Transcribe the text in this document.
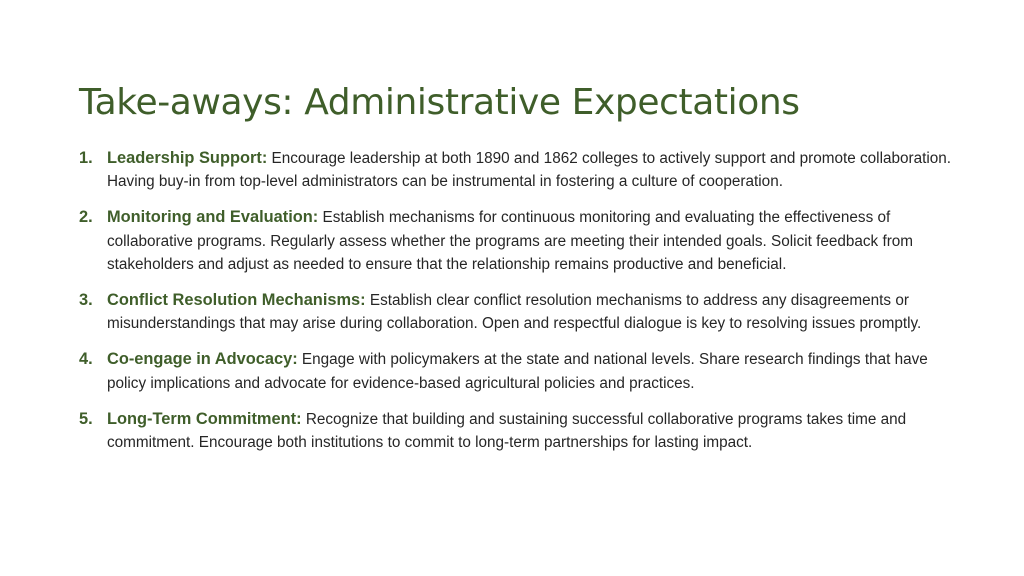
Take-aways: Administrative Expectations
1. Leadership Support: Encourage leadership at both 1890 and 1862 colleges to actively support and promote collaboration. Having buy-in from top-level administrators can be instrumental in fostering a culture of cooperation.
2. Monitoring and Evaluation: Establish mechanisms for continuous monitoring and evaluating the effectiveness of collaborative programs. Regularly assess whether the programs are meeting their intended goals. Solicit feedback from stakeholders and adjust as needed to ensure that the relationship remains productive and beneficial.
3. Conflict Resolution Mechanisms: Establish clear conflict resolution mechanisms to address any disagreements or misunderstandings that may arise during collaboration. Open and respectful dialogue is key to resolving issues promptly.
4. Co-engage in Advocacy: Engage with policymakers at the state and national levels. Share research findings that have policy implications and advocate for evidence-based agricultural policies and practices.
5. Long-Term Commitment: Recognize that building and sustaining successful collaborative programs takes time and commitment. Encourage both institutions to commit to long-term partnerships for lasting impact.
